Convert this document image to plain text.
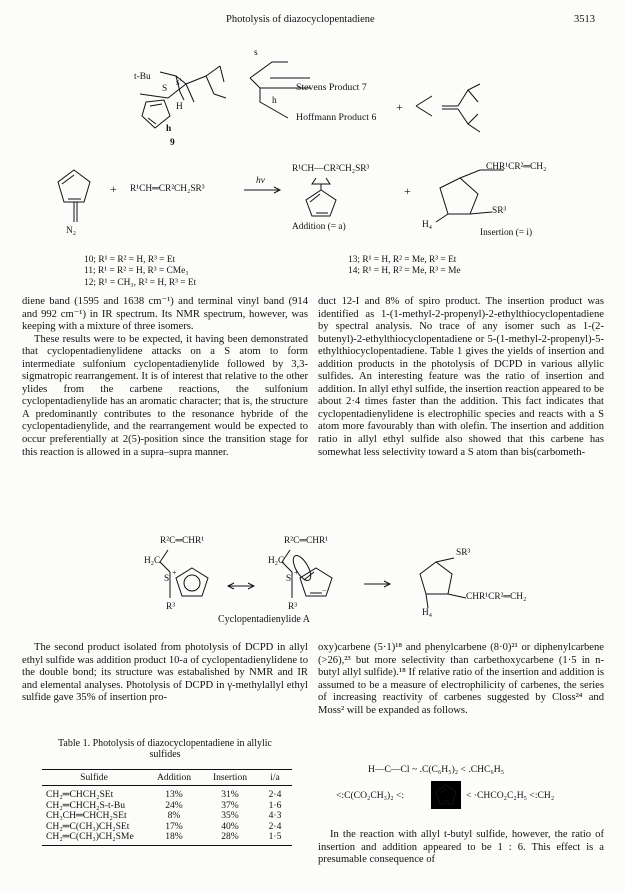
Photolysis of diazocyclopentadiene	3513
t-Bu
s
S
s'
h
H
h
9
Stevens Product 7
Hoffmann Product 6
+
N₂
+ R¹CH═CR²CH₂SR³
hν
R¹CH—CR²CH₂SR³
Addition (= a)
+
CHR¹CR²═CH₂
SR³
H₄
Insertion (= i)
10; R¹ = R² = H, R³ = Et
11; R¹ = R² = H, R³ = CMe₃
12; R¹ = CH₃, R² = H, R³ = Et
13; R¹ = H, R² = Me, R³ = Et
14; R¹ = H, R² = Me, R³ = Me

diene band (1595 and 1638 cm⁻¹) and terminal vinyl band (914 and 992 cm⁻¹) in IR spectrum. Its NMR spectrum, however, was keeping with a mixture of three isomers.

These results were to be expected, it having been demonstrated that cyclopentadienylidene attacks on a S atom to form intermediate sulfonium cyclopentadienylide followed by 3,3-sigmatropic rearrangement. It is of interest that relative to the other ylides from the carbene reactions, the sulfonium cyclopentadienylide has an aromatic character; that is, the structure A predominantly contributes to the resonance hybride of the cyclopentadienylide, and the rearrangement would be expected to occur preferentially at 2(5)-position since the transition stage for this reaction is allowed in a supra–supra manner.

duct 12-I and 8% of spiro product. The insertion product was identified as 1-(1-methyl-2-propenyl)-2-ethylthiocyclopentadiene by spectral analysis. No trace of any isomer such as 1-(2-butenyl)-2-ethylthiocyclopentadiene or 5-(1-methyl-2-propenyl)-5-ethylthiocyclopentadiene. Table 1 gives the yields of insertion and addition products in the photolysis of DCPD in various allylic sulfides. An interesting feature was the ratio of insertion and addition. In allyl ethyl sulfide, the insertion reaction appeared to be about 2·4 times faster than the addition. This fact indicates that cyclopentadienylidene is electrophilic species and reacts with a S atom more favourably than with olefin. The insertion and addition ratio in allyl ethyl sulfide also showed that this carbene has somewhat less selectivity toward a S atom than bis(carbometh-

R²C═CHR¹
H₂C
S
+
R³
R²C═CHR¹
H₂C
S
+
−
R³
SR³
CHR¹CR²═CH₂
H₄
Cyclopentadienylide A

The second product isolated from photolysis of DCPD in allyl ethyl sulfide was addition product 10-a of cyclopentadienylidene to the double bond; its structure was estabalished by NMR and IR and elemental analyses. Photolysis of DCPD in γ-methylallyl ethyl sulfide gave 35% of insertion pro-

Table 1. Photolysis of diazocyclopentadiene in allylic
sulfides
Sulfide	Addition	Insertion	i/a
CH₂═CHCH₂SEt	13%	31%	2·4
CH₂═CHCH₂S-t-Bu	24%	37%	1·6
CH₃CH═CHCH₂SEt	8%	35%	4·3
CH₂═C(CH₃)CH₂SEt	17%	40%	2·4
CH₂═C(CH₃)CH₂SMe	18%	28%	1·5

oxy)carbene (5·1)¹⁸ and phenylcarbene (8·0)²¹ or diphenylcarbene (>26),²³ but more selectivity than carbethoxycarbene (1·5 in n-butyl allyl sulfide).¹⁸ If relative ratio of the insertion and addition is assumed to be a measure of electrophilicity of carbenes, the series of increasing reactivity of carbenes suggested by Closs²⁴ and Moss² will be expanded as follows.

H—C—Cl ~ .C(C₆H₅)₂ < .CHC₆H₅
<:C(CO₂CH₃)₂ <:	< ·CHCO₂C₂H₅ <:CH₂

In the reaction with allyl t-butyl sulfide, however, the ratio of insertion and addition appeared to be 1 : 6. This effect is a presumable consequence of
